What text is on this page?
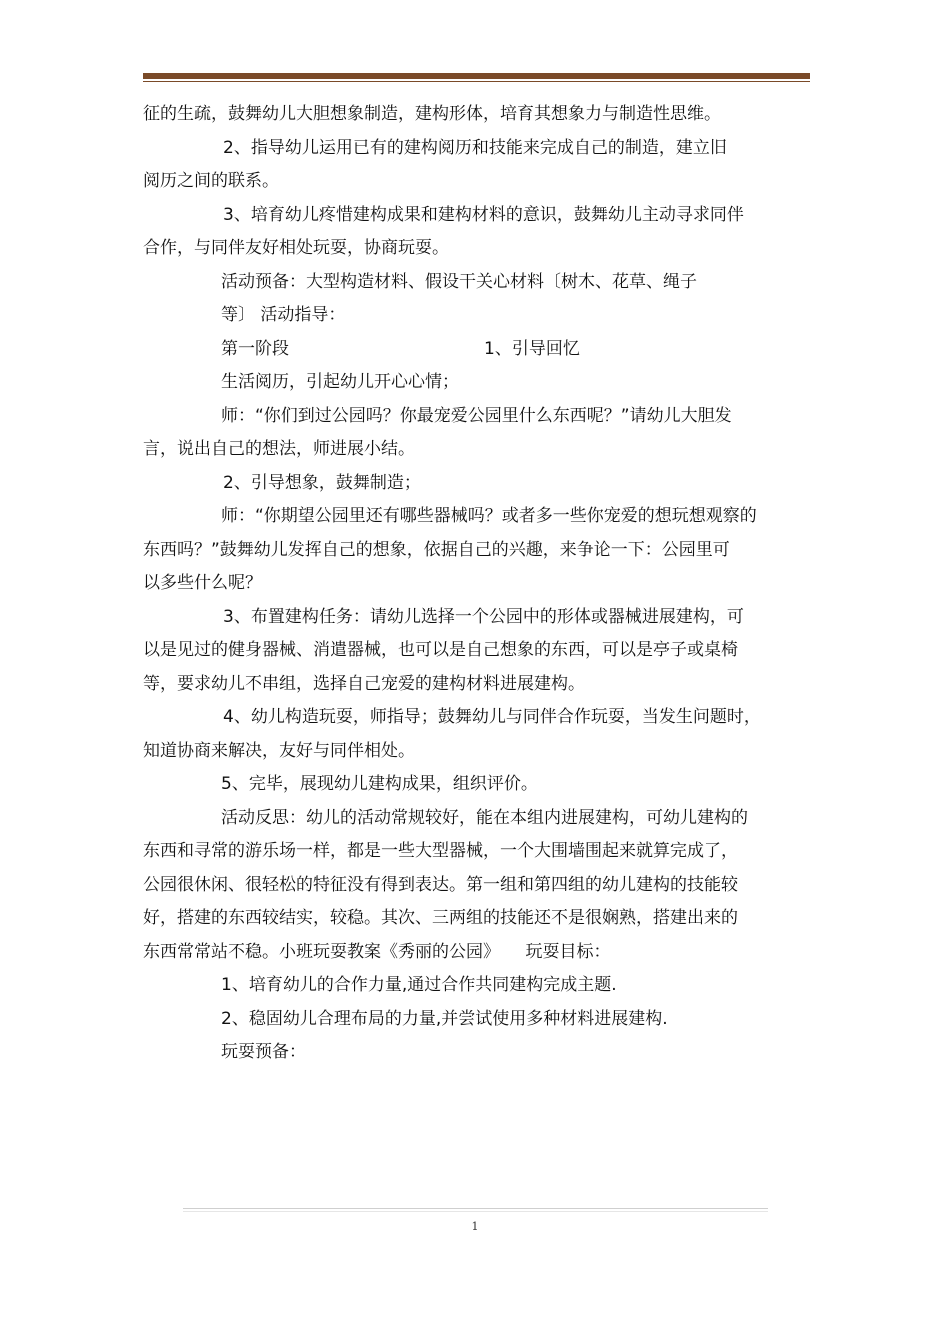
征的生疏，鼓舞幼儿大胆想象制造，建构形体，培育其想象力与制造性思维。
2、指导幼儿运用已有的建构阅历和技能来完成自己的制造，建立旧
阅历之间的联系。
3、培育幼儿疼惜建构成果和建构材料的意识，鼓舞幼儿主动寻求同伴
合作，与同伴友好相处玩耍，协商玩耍。
活动预备：大型构造材料、假设干关心材料〔树木、花草、绳子
等〕 活动指导：
第一阶段	1、引导回忆
生活阅历，引起幼儿开心心情；
师：“你们到过公园吗？你最宠爱公园里什么东西呢？”请幼儿大胆发
言，说出自己的想法，师进展小结。
2、引导想象，鼓舞制造；
师：“你期望公园里还有哪些器械吗？或者多一些你宠爱的想玩想观察的
东西吗？”鼓舞幼儿发挥自己的想象，依据自己的兴趣，来争论一下：公园里可
以多些什么呢？
3、布置建构任务：请幼儿选择一个公园中的形体或器械进展建构，可
以是见过的健身器械、消遣器械，也可以是自己想象的东西，可以是亭子或桌椅
等，要求幼儿不串组，选择自己宠爱的建构材料进展建构。
4、幼儿构造玩耍，师指导；鼓舞幼儿与同伴合作玩耍，当发生问题时，
知道协商来解决，友好与同伴相处。
5、完毕，展现幼儿建构成果，组织评价。
活动反思：幼儿的活动常规较好，能在本组内进展建构，可幼儿建构的
东西和寻常的游乐场一样，都是一些大型器械，一个大围墙围起来就算完成了，
公园很休闲、很轻松的特征没有得到表达。第一组和第四组的幼儿建构的技能较
好，搭建的东西较结实，较稳。其次、三两组的技能还不是很娴熟，搭建出来的
东西常常站不稳。小班玩耍教案《秀丽的公园》　　玩耍目标：
1、培育幼儿的合作力量,通过合作共同建构完成主题.
2、稳固幼儿合理布局的力量,并尝试使用多种材料进展建构.
玩耍预备：
1
